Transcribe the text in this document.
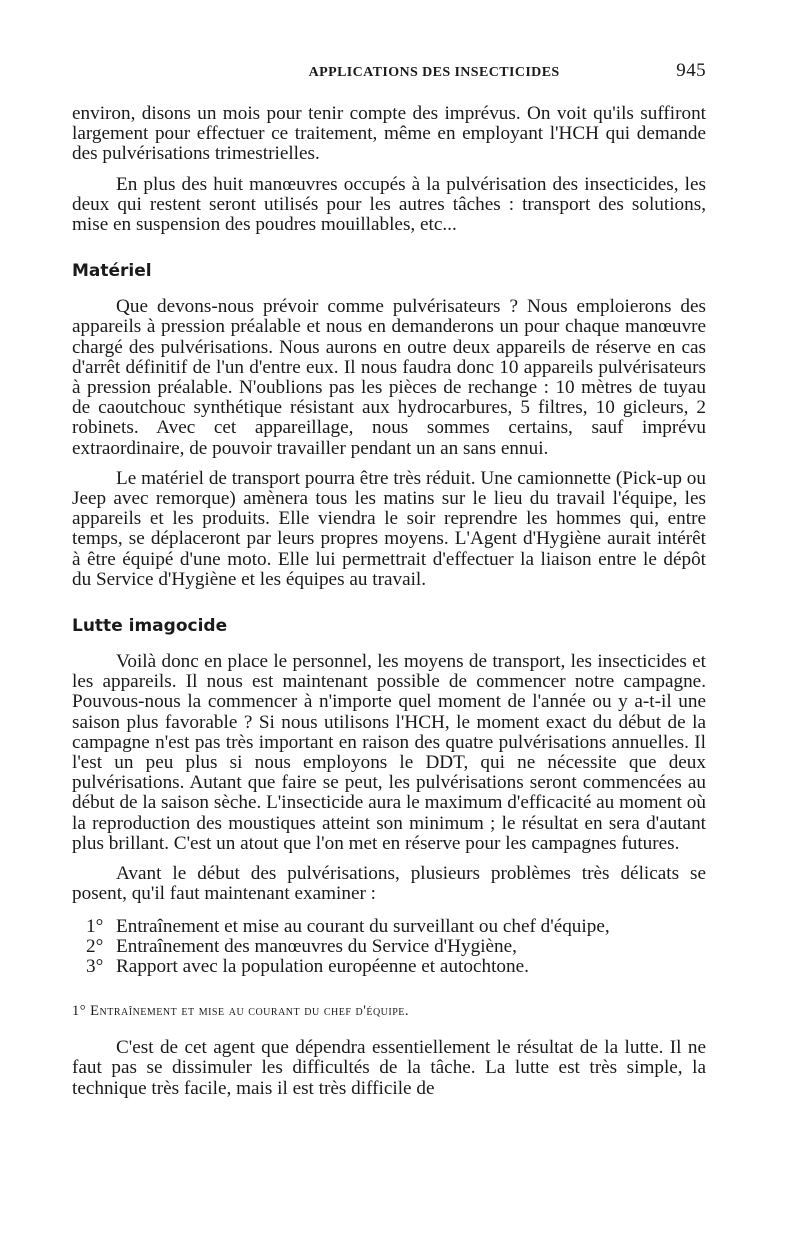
APPLICATIONS DES INSECTICIDES	945

environ, disons un mois pour tenir compte des imprévus. On voit qu'ils suffiront largement pour effectuer ce traitement, même en employant l'HCH qui demande des pulvérisations trimestrielles.

En plus des huit manœuvres occupés à la pulvérisation des insecticides, les deux qui restent seront utilisés pour les autres tâches : transport des solutions, mise en suspension des poudres mouillables, etc...

Matériel

Que devons-nous prévoir comme pulvérisateurs ? Nous emploierons des appareils à pression préalable et nous en demanderons un pour chaque manœuvre chargé des pulvérisations. Nous aurons en outre deux appareils de réserve en cas d'arrêt définitif de l'un d'entre eux. Il nous faudra donc 10 appareils pulvérisateurs à pression préalable. N'oublions pas les pièces de rechange : 10 mètres de tuyau de caoutchouc synthétique résistant aux hydrocarbures, 5 filtres, 10 gicleurs, 2 robinets. Avec cet appareillage, nous sommes certains, sauf imprévu extraordinaire, de pouvoir travailler pendant un an sans ennui.

Le matériel de transport pourra être très réduit. Une camionnette (Pick-up ou Jeep avec remorque) amènera tous les matins sur le lieu du travail l'équipe, les appareils et les produits. Elle viendra le soir reprendre les hommes qui, entre temps, se déplaceront par leurs propres moyens. L'Agent d'Hygiène aurait intérêt à être équipé d'une moto. Elle lui permettrait d'effectuer la liaison entre le dépôt du Service d'Hygiène et les équipes au travail.

Lutte imagocide

Voilà donc en place le personnel, les moyens de transport, les insecticides et les appareils. Il nous est maintenant possible de commencer notre campagne. Pouvous-nous la commencer à n'importe quel moment de l'année ou y a-t-il une saison plus favorable ? Si nous utilisons l'HCH, le moment exact du début de la campagne n'est pas très important en raison des quatre pulvérisations annuelles. Il l'est un peu plus si nous employons le DDT, qui ne nécessite que deux pulvérisations. Autant que faire se peut, les pulvérisations seront commencées au début de la saison sèche. L'insecticide aura le maximum d'efficacité au moment où la reproduction des moustiques atteint son minimum ; le résultat en sera d'autant plus brillant. C'est un atout que l'on met en réserve pour les campagnes futures.

Avant le début des pulvérisations, plusieurs problèmes très délicats se posent, qu'il faut maintenant examiner :

1° Entraînement et mise au courant du surveillant ou chef d'équipe,
2° Entraînement des manœuvres du Service d'Hygiène,
3° Rapport avec la population européenne et autochtone.
1° Entraînement et mise au courant du chef d'équipe.

C'est de cet agent que dépendra essentiellement le résultat de la lutte. Il ne faut pas se dissimuler les difficultés de la tâche. La lutte est très simple, la technique très facile, mais il est très difficile de
